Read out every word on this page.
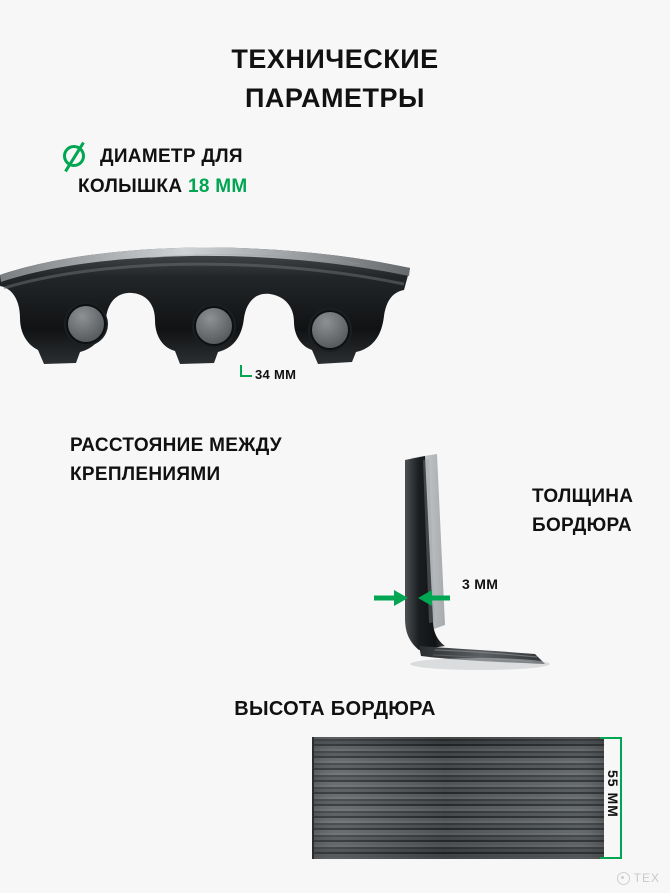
ТЕХНИЧЕСКИЕ
ПАРАМЕТРЫ
ДИАМЕТР ДЛЯ
КОЛЫШКА 18 ММ
34 ММ
РАССТОЯНИЕ МЕЖДУ
КРЕПЛЕНИЯМИ
3 ММ
ТОЛЩИНА
БОРДЮРА
ВЫСОТА БОРДЮРА
55 ММ
TEX
